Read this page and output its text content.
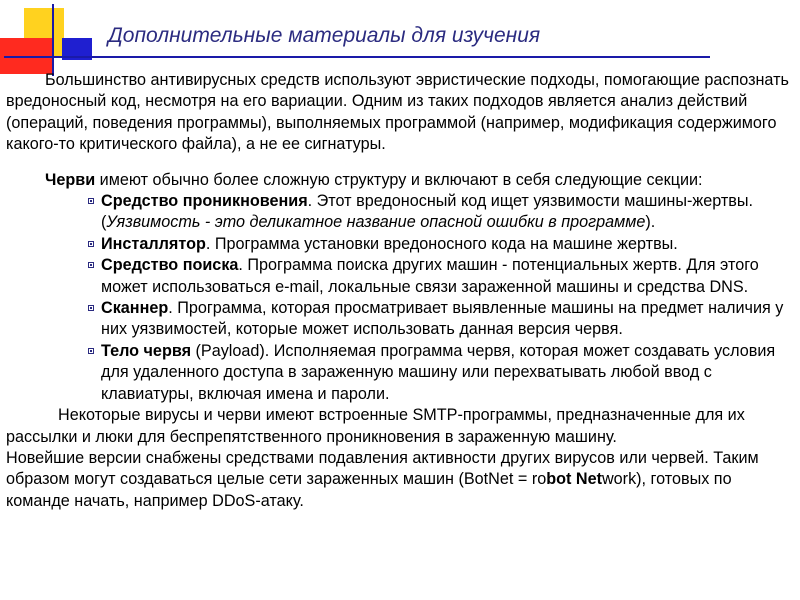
Дополнительные материалы для изучения

Большинство антивирусных средств используют эвристические подходы, помогающие распознать вредоносный код, несмотря на его вариации. Одним из таких подходов является анализ действий (операций, поведения программы), выполняемых программой (например, модификация содержимого какого-то критического файла), а не ее сигнатуры.

Черви имеют обычно более сложную структуру и включают в себя следующие секции:

Средство проникновения. Этот вредоносный код ищет уязвимости машины-жертвы. (Уязвимость - это деликатное название опасной ошибки в программе).
Инсталлятор. Программа установки вредоносного кода на машине жертвы.
Средство поиска. Программа поиска других машин - потенциальных жертв. Для этого может использоваться e-mail, локальные связи зараженной машины и средства DNS.
Сканнер. Программа, которая просматривает выявленные машины на предмет наличия у них уязвимостей, которые может использовать данная версия червя.
Тело червя (Payload). Исполняемая программа червя, которая может создавать условия для удаленного доступа в зараженную машину или перехватывать любой ввод с клавиатуры, включая имена и пароли.

Некоторые вирусы и черви имеют встроенные SMTP-программы, предназначенные для их рассылки и люки для беспрепятственного проникновения в зараженную машину.

Новейшие версии снабжены средствами подавления активности других вирусов или червей. Таким образом могут создаваться целые сети зараженных машин (BotNet = robot Network), готовых по команде начать, например DDoS-атаку.
